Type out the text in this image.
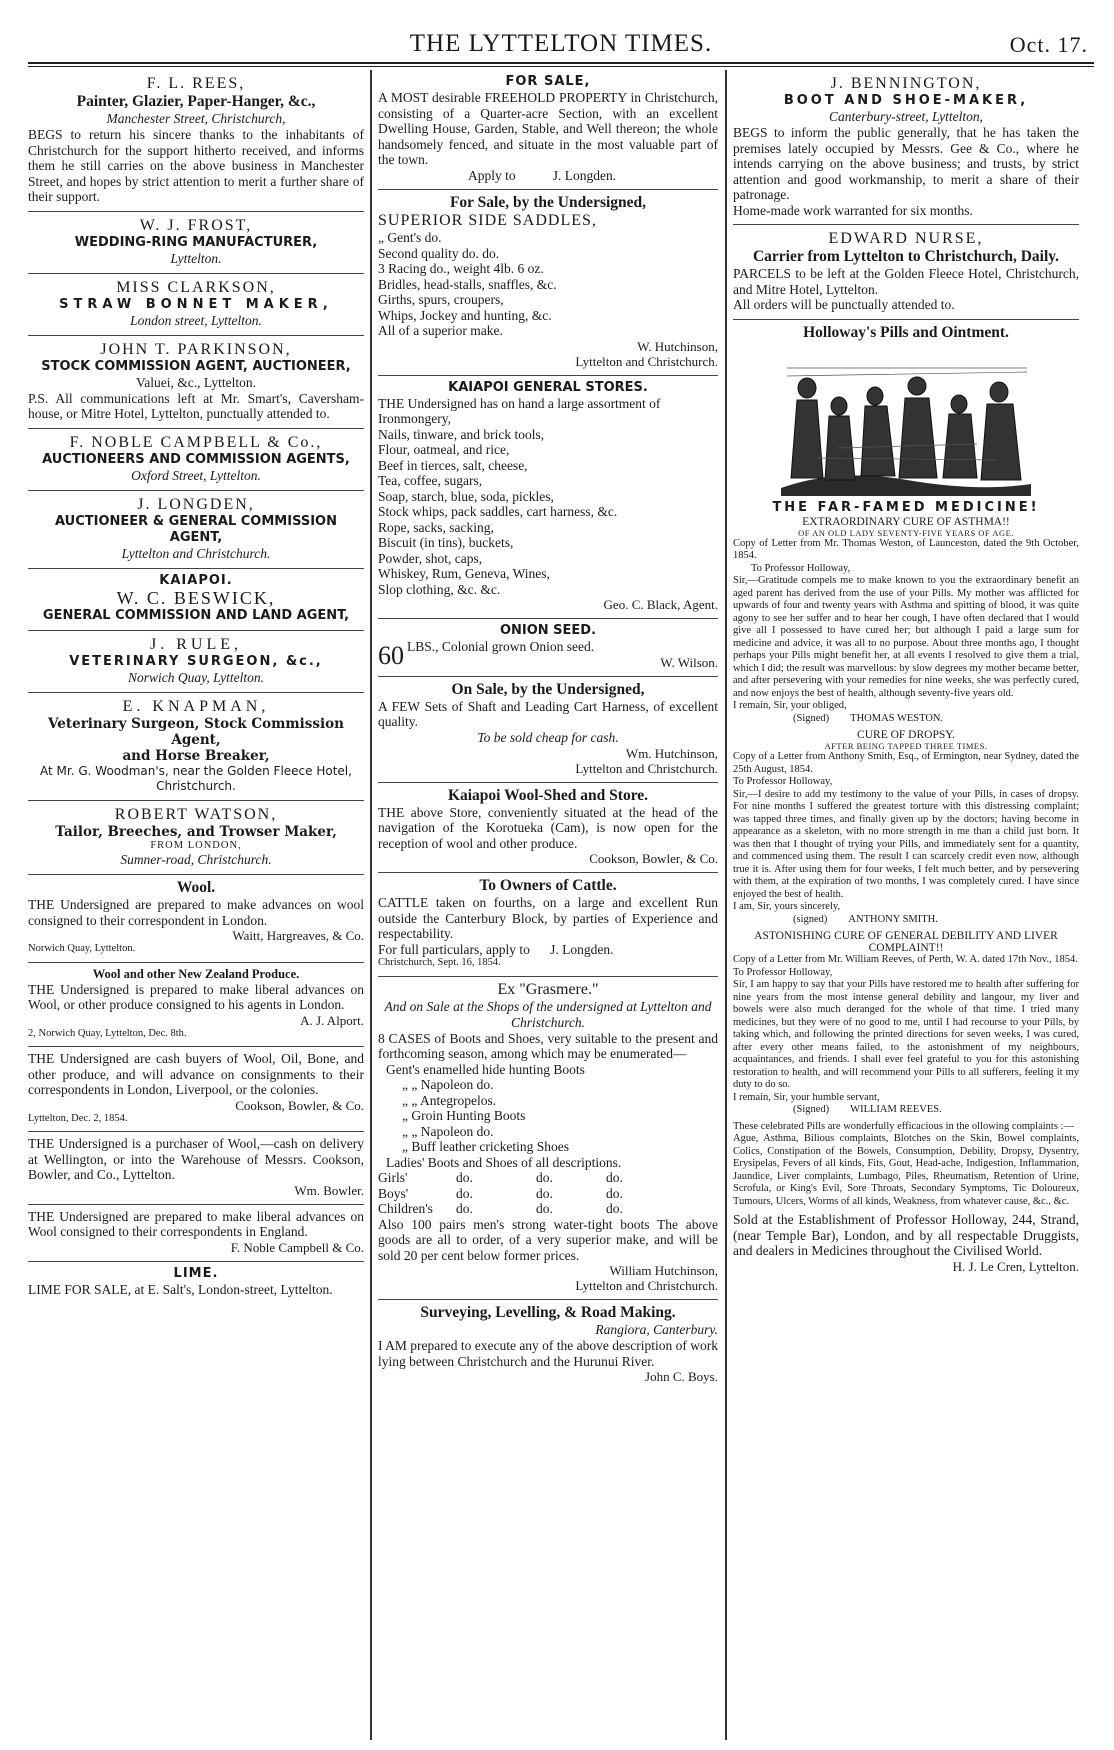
THE LYTTELTON TIMES.	Oct. 17.
F. L. REES,
Painter, Glazier, Paper-Hanger, &c.,
Manchester Street, Christchurch,

BEGS to return his sincere thanks to the inhabitants of Christchurch for the support hitherto received, and informs them he still carries on the above business in Manchester Street, and hopes by strict attention to merit a further share of their support.

W. J. FROST,
WEDDING-RING MANUFACTURER,
Lyttelton.
MISS CLARKSON,
STRAW BONNET MAKER,
London street, Lyttelton.
JOHN T. PARKINSON,
STOCK COMMISSION AGENT, AUCTIONEER,
Valuei, &c., Lyttelton.

P.S. All communications left at Mr. Smart's, Caversham-house, or Mitre Hotel, Lyttelton, punctually attended to.

F. NOBLE CAMPBELL & Co.,
AUCTIONEERS AND COMMISSION AGENTS,
Oxford Street, Lyttelton.
J. LONGDEN,
AUCTIONEER & GENERAL COMMISSION AGENT,
Lyttelton and Christchurch.
KAIAPOI.
W. C. BESWICK,
GENERAL COMMISSION AND LAND AGENT,
J. RULE,
VETERINARY SURGEON, &c.,
Norwich Quay, Lyttelton.
E. KNAPMAN,
Veterinary Surgeon, Stock Commission Agent,
and Horse Breaker,
At Mr. G. Woodman's, near the Golden Fleece Hotel, Christchurch.
ROBERT WATSON,
Tailor, Breeches, and Trowser Maker,
FROM LONDON,
Sumner-road, Christchurch.
Wool.

THE Undersigned are prepared to make advances on wool consigned to their correspondent in London.

Waitt, Hargreaves, & Co.
Norwich Quay, Lyttelton.
Wool and other New Zealand Produce.

THE Undersigned is prepared to make liberal advances on Wool, or other produce consigned to his agents in London.

A. J. Alport.
2, Norwich Quay, Lyttelton, Dec. 8th.

THE Undersigned are cash buyers of Wool, Oil, Bone, and other produce, and will advance on consignments to their correspondents in London, Liverpool, or the colonies.

Cookson, Bowler, & Co.
Lyttelton, Dec. 2, 1854.

THE Undersigned is a purchaser of Wool,—cash on delivery at Wellington, or into the Warehouse of Messrs. Cookson, Bowler, and Co., Lyttelton.

Wm. Bowler.

THE Undersigned are prepared to make liberal advances on Wool consigned to their correspondents in England.

F. Noble Campbell & Co.
LIME.

LIME FOR SALE, at E. Salt's, London-street, Lyttelton.

FOR SALE,

A MOST desirable FREEHOLD PROPERTY in Christchurch, consisting of a Quarter-acre Section, with an excellent Dwelling House, Garden, Stable, and Well thereon; the whole handsomely fenced, and situate in the most valuable part of the town.

Apply to	J. Longden.

For Sale, by the Undersigned,
SUPERIOR SIDE SADDLES,

„ Gent's do.

Second quality do. do.

3 Racing do., weight 4lb. 6 oz.

Bridles, head-stalls, snaffles, &c.

Girths, spurs, croupers,

Whips, Jockey and hunting, &c.

All of a superior make.

W. Hutchinson,
Lyttelton and Christchurch.
KAIAPOI GENERAL STORES.

THE Undersigned has on hand a large assortment of

Ironmongery,

Nails, tinware, and brick tools,

Flour, oatmeal, and rice,

Beef in tierces, salt, cheese,

Tea, coffee, sugars,

Soap, starch, blue, soda, pickles,

Stock whips, pack saddles, cart harness, &c.

Rope, sacks, sacking,

Biscuit (in tins), buckets,

Powder, shot, caps,

Whiskey, Rum, Geneva, Wines,

Slop clothing, &c. &c.

Geo. C. Black, Agent.
ONION SEED.

60 LBS., Colonial grown Onion seed.

W. Wilson.
On Sale, by the Undersigned,

A FEW Sets of Shaft and Leading Cart Harness, of excellent quality.

To be sold cheap for cash.
Wm. Hutchinson,
Lyttelton and Christchurch.
Kaiapoi Wool-Shed and Store.

THE above Store, conveniently situated at the head of the navigation of the Korotueka (Cam), is now open for the reception of wool and other produce.

Cookson, Bowler, & Co.
To Owners of Cattle.

CATTLE taken on fourths, on a large and excellent Run outside the Canterbury Block, by parties of Experience and respectability.

For full particulars, apply to J. Longden.

Christchurch, Sept. 16, 1854.
Ex "Grasmere."
And on Sale at the Shops of the undersigned at Lyttelton and Christchurch.

8 CASES of Boots and Shoes, very suitable to the present and forthcoming season, among which may be enumerated—

Gent's enamelled hide hunting Boots

„ „ Napoleon do.

„ „ Antegropelos.

„ Groin Hunting Boots

„ „ Napoleon do.

„ Buff leather cricketing Shoes

Ladies' Boots and Shoes of all descriptions.

Girls'	do.	do.	do.
Boys'	do.	do.	do.
Children's	do.	do.	do.

Also 100 pairs men's strong water-tight boots The above goods are all to order, of a very superior make, and will be sold 20 per cent below former prices.

William Hutchinson,
Lyttelton and Christchurch.
Surveying, Levelling, & Road Making.
Rangiora, Canterbury.

I AM prepared to execute any of the above description of work lying between Christchurch and the Hurunui River.

John C. Boys.
J. BENNINGTON,
BOOT AND SHOE-MAKER,
Canterbury-street, Lyttelton,

BEGS to inform the public generally, that he has taken the premises lately occupied by Messrs. Gee & Co., where he intends carrying on the above business; and trusts, by strict attention and good workmanship, to merit a share of their patronage.

Home-made work warranted for six months.

EDWARD NURSE,
Carrier from Lyttelton to Christchurch, Daily.

PARCELS to be left at the Golden Fleece Hotel, Christchurch, and Mitre Hotel, Lyttelton.

All orders will be punctually attended to.

Holloway's Pills and Ointment.
THE FAR-FAMED MEDICINE!
EXTRAORDINARY CURE OF ASTHMA!!
OF AN OLD LADY SEVENTY-FIVE YEARS OF AGE.

Copy of Letter from Mr. Thomas Weston, of Launceston, dated the 9th October, 1854.

To Professor Holloway,

Sir,—Gratitude compels me to make known to you the extraordinary benefit an aged parent has derived from the use of your Pills. My mother was afflicted for upwards of four and twenty years with Asthma and spitting of blood, it was quite agony to see her suffer and to hear her cough, I have often declared that I would give all I possessed to have cured her; but although I paid a large sum for medicine and advice, it was all to no purpose. About three months ago, I thought perhaps your Pills might benefit her, at all events I resolved to give them a trial, which I did; the result was marvellous: by slow degrees my mother became better, and after persevering with your remedies for nine weeks, she was perfectly cured, and now enjoys the best of health, although seventy-five years old.

I remain, Sir, your obliged,

(Signed) THOMAS WESTON.

CURE OF DROPSY.
AFTER BEING TAPPED THREE TIMES.

Copy of a Letter from Anthony Smith, Esq., of Ermington, near Sydney, dated the 25th August, 1854.

To Professor Holloway,

Sir,—I desire to add my testimony to the value of your Pills, in cases of dropsy. For nine months I suffered the greatest torture with this distressing complaint; was tapped three times, and finally given up by the doctors; having become in appearance as a skeleton, with no more strength in me than a child just born. It was then that I thought of trying your Pills, and immediately sent for a quantity, and commenced using them. The result I can scarcely credit even now, although true it is. After using them for four weeks, I felt much better, and by persevering with them, at the expiration of two months, I was completely cured. I have since enjoyed the best of health.

I am, Sir, yours sincerely,

(signed) ANTHONY SMITH.

ASTONISHING CURE OF GENERAL DEBILITY AND LIVER COMPLAINT!!

Copy of a Letter from Mr. William Reeves, of Perth, W. A. dated 17th Nov., 1854.

To Professor Holloway,

Sir, I am happy to say that your Pills have restored me to health after suffering for nine years from the most intense general debility and langour, my liver and bowels were also much deranged for the whole of that time. I tried many medicines, but they were of no good to me, until I had recourse to your Pills, by taking which, and following the printed directions for seven weeks, I was cured, after every other means failed, to the astonishment of my neighbours, acquaintances, and friends. I shall ever feel grateful to you for this astonishing restoration to health, and will recommend your Pills to all sufferers, feeling it my duty to do so.

I remain, Sir, your humble servant,

(Signed) WILLIAM REEVES.

These celebrated Pills are wonderfully efficacious in the ollowing complaints :—

Ague, Asthma, Bilious complaints, Blotches on the Skin, Bowel complaints, Colics, Constipation of the Bowels, Consumption, Debility, Dropsy, Dysentry, Erysipelas, Fevers of all kinds, Fits, Gout, Head-ache, Indigestion, Inflammation, Jaundice, Liver complaints, Lumbago, Piles, Rheumatism, Retention of Urine, Scrofula, or King's Evil, Sore Throats, Secondary Symptoms, Tic Doloureux, Tumours, Ulcers, Worms of all kinds, Weakness, from whatever cause, &c., &c.

Sold at the Establishment of Professor Holloway, 244, Strand, (near Temple Bar), London, and by all respectable Druggists, and dealers in Medicines throughout the Civilised World.

H. J. Le Cren, Lyttelton.
